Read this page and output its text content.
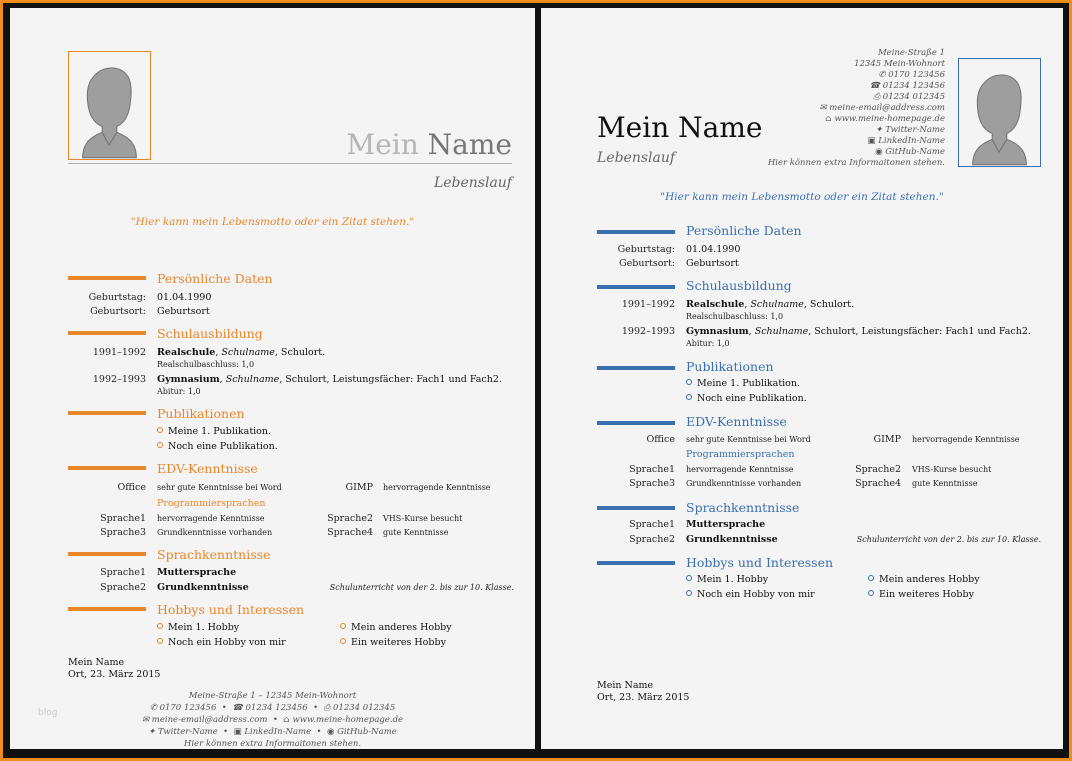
Mein Name
Lebenslauf
"Hier kann mein Lebensmotto oder ein Zitat stehen."
Persönliche Daten
Geburtstag: 01.04.1990
Geburtsort: Geburtsort
Schulausbildung
1991–1992 Realschule, Schulname, Schulort.
Realschulbaschluss: 1,0
1992–1993 Gymnasium, Schulname, Schulort, Leistungsfächer: Fach1 und Fach2.
Abitur: 1,0
Publikationen
Meine 1. Publikation.
Noch eine Publikation.
EDV-Kenntnisse
Office sehr gute Kenntnisse bei Word	GIMP hervorragende Kenntnisse
Programmiersprachen
Sprache1 hervorragende Kenntnisse	Sprache2 VHS-Kurse besucht
Sprache3 Grundkenntnisse vorhanden	Sprache4 gute Kenntnisse
Sprachkenntnisse
Sprache1 Muttersprache
Sprache2 Grundkenntnisse	Schulunterricht von der 2. bis zur 10. Klasse.
Hobbys und Interessen
Mein 1. Hobby
Noch ein Hobby von mir
Mein anderes Hobby
Ein weiteres Hobby
Mein Name
Ort, 23. März 2015
Meine-Straße 1 – 12345 Mein-Wohnort
✆ 0170 123456  •  ☎ 01234 123456  •  ⎙ 01234 012345
✉ meine-email@address.com  •  ⌂ www.meine-homepage.de
✦ Twitter-Name  •  ▣ LinkedIn-Name  •  ◉ GitHub-Name
Hier können extra Informaitonen stehen.
blog
Meine-Straße 1
12345 Mein-Wohnort
✆ 0170 123456
☎ 01234 123456
⎙ 01234 012345
✉ meine-email@address.com
⌂ www.meine-homepage.de
✦ Twitter-Name
▣ LinkedIn-Name
◉ GitHub-Name
Hier können extra Informaitonen stehen.
Mein Name
Lebenslauf
"Hier kann mein Lebensmotto oder ein Zitat stehen."
Persönliche Daten
Geburtstag: 01.04.1990
Geburtsort: Geburtsort
Schulausbildung
1991–1992 Realschule, Schulname, Schulort.
Realschulbaschluss: 1,0
1992–1993 Gymnasium, Schulname, Schulort, Leistungsfächer: Fach1 und Fach2.
Abitur: 1,0
Publikationen
Meine 1. Publikation.
Noch eine Publikation.
EDV-Kenntnisse
Office sehr gute Kenntnisse bei Word	GIMP hervorragende Kenntnisse
Programmiersprachen
Sprache1 hervorragende Kenntnisse	Sprache2 VHS-Kurse besucht
Sprache3 Grundkenntnisse vorhanden	Sprache4 gute Kenntnisse
Sprachkenntnisse
Sprache1 Muttersprache
Sprache2 Grundkenntnisse	Schulunterricht von der 2. bis zur 10. Klasse.
Hobbys und Interessen
Mein 1. Hobby
Noch ein Hobby von mir
Mein anderes Hobby
Ein weiteres Hobby
Mein Name
Ort, 23. März 2015
